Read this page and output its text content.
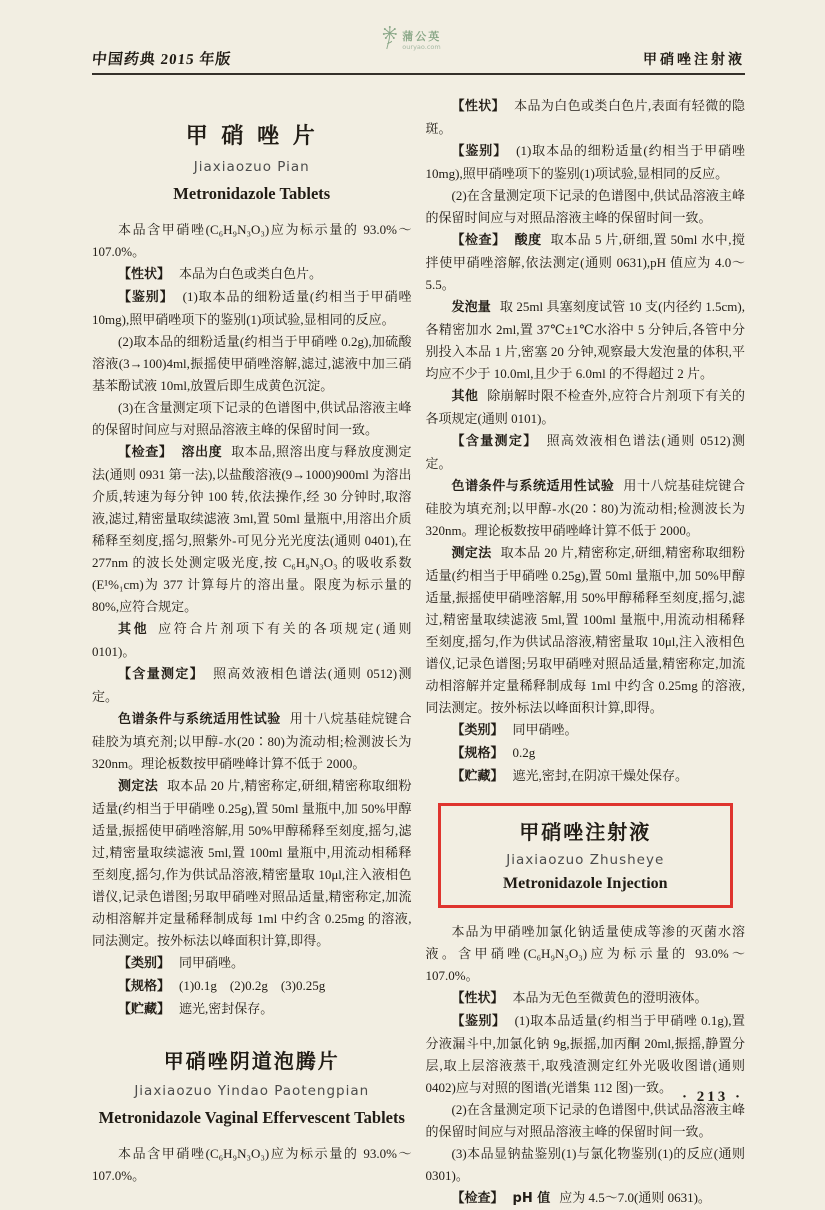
蒲公英
ouryao.com
中国药典 2015 年版	甲硝唑注射液
甲 硝 唑 片
Jiaxiaozuo Pian
Metronidazole Tablets

本品含甲硝唑(C₆H₉N₃O₃)应为标示量的 93.0%～107.0%。

【性状】 本品为白色或类白色片。

【鉴别】 (1)取本品的细粉适量(约相当于甲硝唑 10mg),照甲硝唑项下的鉴别(1)项试验,显相同的反应。

(2)取本品的细粉适量(约相当于甲硝唑 0.2g),加硫酸溶液(3→100)4ml,振摇使甲硝唑溶解,滤过,滤液中加三硝基苯酚试液 10ml,放置后即生成黄色沉淀。

(3)在含量测定项下记录的色谱图中,供试品溶液主峰的保留时间应与对照品溶液主峰的保留时间一致。

【检查】 溶出度 取本品,照溶出度与释放度测定法(通则 0931 第一法),以盐酸溶液(9→1000)900ml 为溶出介质,转速为每分钟 100 转,依法操作,经 30 分钟时,取溶液,滤过,精密量取续滤液 3ml,置 50ml 量瓶中,用溶出介质稀释至刻度,摇匀,照紫外-可见分光光度法(通则 0401),在 277nm 的波长处测定吸光度,按 C₆H₉N₃O₃ 的吸收系数(E¹%₁cm)为 377 计算每片的溶出量。限度为标示量的 80%,应符合规定。

其他 应符合片剂项下有关的各项规定(通则 0101)。

【含量测定】 照高效液相色谱法(通则 0512)测定。

色谱条件与系统适用性试验 用十八烷基硅烷键合硅胶为填充剂;以甲醇-水(20∶80)为流动相;检测波长为 320nm。理论板数按甲硝唑峰计算不低于 2000。

测定法 取本品 20 片,精密称定,研细,精密称取细粉适量(约相当于甲硝唑 0.25g),置 50ml 量瓶中,加 50%甲醇适量,振摇使甲硝唑溶解,用 50%甲醇稀释至刻度,摇匀,滤过,精密量取续滤液 5ml,置 100ml 量瓶中,用流动相稀释至刻度,摇匀,作为供试品溶液,精密量取 10μl,注入液相色谱仪,记录色谱图;另取甲硝唑对照品适量,精密称定,加流动相溶解并定量稀释制成每 1ml 中约含 0.25mg 的溶液,同法测定。按外标法以峰面积计算,即得。

【类别】 同甲硝唑。

【规格】 (1)0.1g　(2)0.2g　(3)0.25g

【贮藏】 遮光,密封保存。

甲硝唑阴道泡腾片
Jiaxiaozuo Yindao Paotengpian
Metronidazole Vaginal Effervescent Tablets

本品含甲硝唑(C₆H₉N₃O₃)应为标示量的 93.0%～107.0%。

【性状】 本品为白色或类白色片,表面有轻微的隐斑。

【鉴别】 (1)取本品的细粉适量(约相当于甲硝唑 10mg),照甲硝唑项下的鉴别(1)项试验,显相同的反应。

(2)在含量测定项下记录的色谱图中,供试品溶液主峰的保留时间应与对照品溶液主峰的保留时间一致。

【检查】 酸度 取本品 5 片,研细,置 50ml 水中,搅拌使甲硝唑溶解,依法测定(通则 0631),pH 值应为 4.0～5.5。

发泡量 取 25ml 具塞刻度试管 10 支(内径约 1.5cm),各精密加水 2ml,置 37℃±1℃水浴中 5 分钟后,各管中分别投入本品 1 片,密塞 20 分钟,观察最大发泡量的体积,平均应不少于 10.0ml,且少于 6.0ml 的不得超过 2 片。

其他 除崩解时限不检查外,应符合片剂项下有关的各项规定(通则 0101)。

【含量测定】 照高效液相色谱法(通则 0512)测定。

色谱条件与系统适用性试验 用十八烷基硅烷键合硅胶为填充剂;以甲醇-水(20∶80)为流动相;检测波长为 320nm。理论板数按甲硝唑峰计算不低于 2000。

测定法 取本品 20 片,精密称定,研细,精密称取细粉适量(约相当于甲硝唑 0.25g),置 50ml 量瓶中,加 50%甲醇适量,振摇使甲硝唑溶解,用 50%甲醇稀释至刻度,摇匀,滤过,精密量取续滤液 5ml,置 100ml 量瓶中,用流动相稀释至刻度,摇匀,作为供试品溶液,精密量取 10μl,注入液相色谱仪,记录色谱图;另取甲硝唑对照品适量,精密称定,加流动相溶解并定量稀释制成每 1ml 中约含 0.25mg 的溶液,同法测定。按外标法以峰面积计算,即得。

【类别】 同甲硝唑。

【规格】 0.2g

【贮藏】 遮光,密封,在阴凉干燥处保存。

甲硝唑注射液
Jiaxiaozuo Zhusheye
Metronidazole Injection

本品为甲硝唑加氯化钠适量使成等渗的灭菌水溶液。含甲硝唑(C₆H₉N₃O₃)应为标示量的 93.0%～107.0%。

【性状】 本品为无色至微黄色的澄明液体。

【鉴别】 (1)取本品适量(约相当于甲硝唑 0.1g),置分液漏斗中,加氯化钠 9g,振摇,加丙酮 20ml,振摇,静置分层,取上层溶液蒸干,取残渣测定红外光吸收图谱(通则 0402)应与对照的图谱(光谱集 112 图)一致。

(2)在含量测定项下记录的色谱图中,供试品溶液主峰的保留时间应与对照品溶液主峰的保留时间一致。

(3)本品显钠盐鉴别(1)与氯化物鉴别(1)的反应(通则 0301)。

【检查】 pH 值 应为 4.5～7.0(通则 0631)。

· 213 ·
